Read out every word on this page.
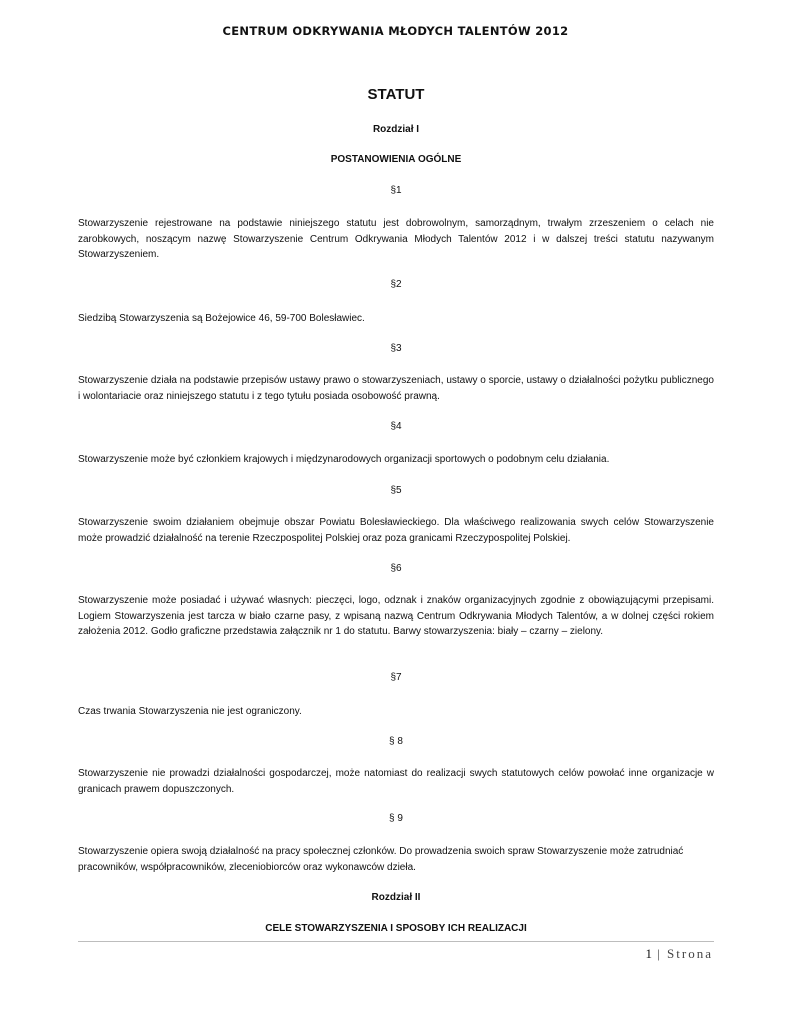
CENTRUM ODKRYWANIA MŁODYCH TALENTÓW 2012
STATUT
Rozdział I
POSTANOWIENIA OGÓLNE
§1
Stowarzyszenie rejestrowane na podstawie niniejszego statutu jest dobrowolnym, samorządnym, trwałym zrzeszeniem o celach nie zarobkowych, noszącym nazwę Stowarzyszenie Centrum Odkrywania Młodych Talentów 2012 i w dalszej treści statutu nazywanym Stowarzyszeniem.
§2
Siedzibą Stowarzyszenia są Bożejowice 46, 59-700 Bolesławiec.
§3
Stowarzyszenie działa na podstawie przepisów ustawy prawo o stowarzyszeniach, ustawy o sporcie, ustawy o działalności pożytku publicznego i wolontariacie oraz niniejszego statutu i z tego tytułu posiada osobowość prawną.
§4
Stowarzyszenie może być członkiem krajowych i międzynarodowych organizacji sportowych o podobnym celu działania.
§5
Stowarzyszenie swoim działaniem obejmuje obszar Powiatu Bolesławieckiego. Dla właściwego realizowania swych celów Stowarzyszenie może prowadzić działalność na terenie Rzeczpospolitej Polskiej oraz poza granicami Rzeczypospolitej Polskiej.
§6
Stowarzyszenie może posiadać i używać własnych: pieczęci, logo, odznak i znaków organizacyjnych zgodnie z obowiązującymi przepisami. Logiem Stowarzyszenia jest tarcza w biało czarne pasy, z wpisaną nazwą Centrum Odkrywania Młodych Talentów, a w dolnej części rokiem założenia 2012. Godło graficzne przedstawia załącznik nr 1 do statutu. Barwy stowarzyszenia: biały – czarny – zielony.
§7
Czas trwania Stowarzyszenia nie jest ograniczony.
§ 8
Stowarzyszenie nie prowadzi działalności gospodarczej, może natomiast do realizacji swych statutowych celów powołać inne organizacje w granicach prawem dopuszczonych.
§ 9
Stowarzyszenie opiera swoją działalność na pracy społecznej członków. Do prowadzenia swoich spraw Stowarzyszenie może zatrudniać pracowników, współpracowników, zleceniobiorców oraz wykonawców dzieła.
Rozdział II
CELE STOWARZYSZENIA I SPOSOBY ICH REALIZACJI
1 | Strona
